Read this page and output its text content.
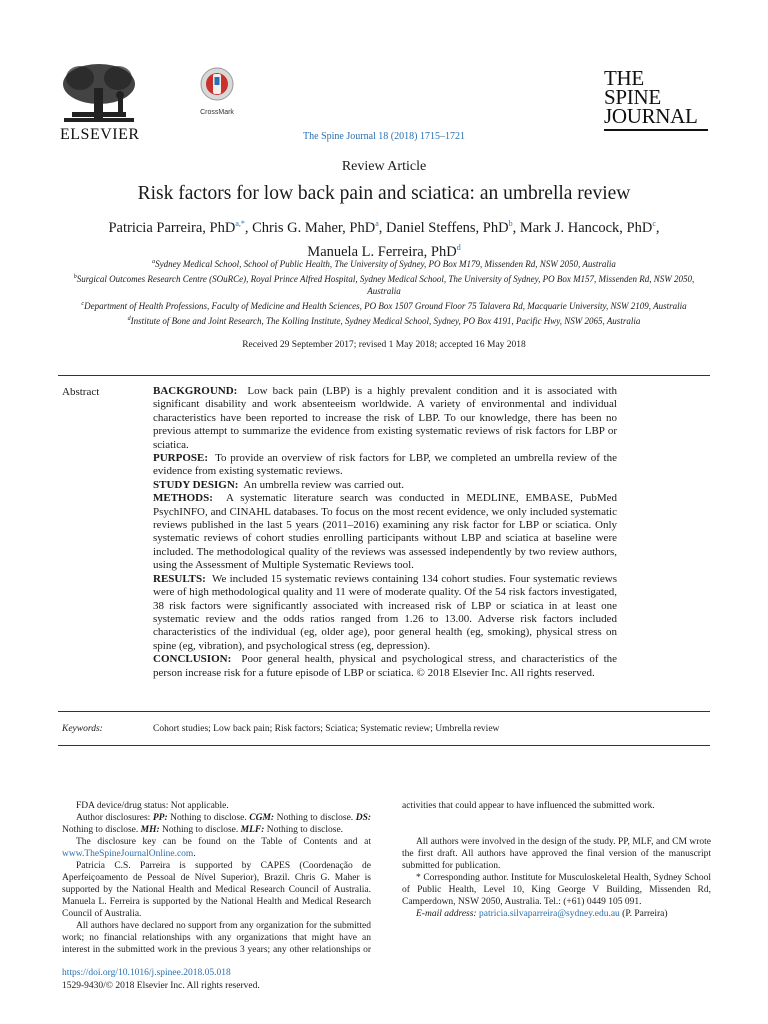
ELSEVIER
CrossMark
The Spine Journal 18 (2018) 1715–1721
THE
SPINE
JOURNAL
Review Article
Risk factors for low back pain and sciatica: an umbrella review
Patricia Parreira, PhD$^{a,*}$, Chris G. Maher, PhD$^a$, Daniel Steffens, PhD$^b$, Mark J. Hancock, PhD$^c$,
Manuela L. Ferreira, PhD$^d$
$^a$Sydney Medical School, School of Public Health, The University of Sydney, PO Box M179, Missenden Rd, NSW 2050, Australia
$^b$Surgical Outcomes Research Centre (SOuRCe), Royal Prince Alfred Hospital, Sydney Medical School, The University of Sydney, PO Box M157, Missenden Rd, NSW 2050, Australia
$^c$Department of Health Professions, Faculty of Medicine and Health Sciences, PO Box 1507 Ground Floor 75 Talavera Rd, Macquarie University, NSW 2109, Australia
$^d$Institute of Bone and Joint Research, The Kolling Institute, Sydney Medical School, Sydney, PO Box 4191, Pacific Hwy, NSW 2065, Australia
Received 29 September 2017; revised 1 May 2018; accepted 16 May 2018
Abstract	BACKGROUND: Low back pain (LBP) is a highly prevalent condition and it is associated with significant disability and work absenteeism worldwide. A variety of environmental and individual characteristics have been reported to increase the risk of LBP. To our knowledge, there has been no previous attempt to summarize the evidence from existing systematic reviews of risk factors for LBP or sciatica.

PURPOSE: To provide an overview of risk factors for LBP, we completed an umbrella review of the evidence from existing systematic reviews.

STUDY DESIGN: An umbrella review was carried out.

METHODS: A systematic literature search was conducted in MEDLINE, EMBASE, PubMed PsychINFO, and CINAHL databases. To focus on the most recent evidence, we only included systematic reviews published in the last 5 years (2011–2016) examining any risk factor for LBP or sciatica. Only systematic reviews of cohort studies enrolling participants without LBP and sciatica at baseline were included. The methodological quality of the reviews was assessed independently by two review authors, using the Assessment of Multiple Systematic Reviews tool.

RESULTS: We included 15 systematic reviews containing 134 cohort studies. Four systematic reviews were of high methodological quality and 11 were of moderate quality. Of the 54 risk factors investigated, 38 risk factors were significantly associated with increased risk of LBP or sciatica in at least one systematic review and the odds ratios ranged from 1.26 to 13.00. Adverse risk factors included characteristics of the individual (eg, older age), poor general health (eg, smoking), physical stress on spine (eg, vibration), and psychological stress (eg, depression).

CONCLUSION: Poor general health, physical and psychological stress, and characteristics of the person increase risk for a future episode of LBP or sciatica. © 2018 Elsevier Inc. All rights reserved.

Keywords:	Cohort studies; Low back pain; Risk factors; Sciatica; Systematic review; Umbrella review

FDA device/drug status: Not applicable.

Author disclosures: PP: Nothing to disclose. CGM: Nothing to disclose. DS: Nothing to disclose. MH: Nothing to disclose. MLF: Nothing to disclose.

The disclosure key can be found on the Table of Contents and at www.TheSpineJournalOnline.com.

Patricia C.S. Parreira is supported by CAPES (Coordenação de Aperfeiçoamento de Pessoal de Nível Superior), Brazil. Chris G. Maher is supported by the National Health and Medical Research Council of Australia. Manuela L. Ferreira is supported by the National Health and Medical Research Council of Australia.

All authors have declared no support from any organization for the submitted work; no financial relationships with any organizations that might have an interest in the submitted work in the previous 3 years; any other relationships or

activities that could appear to have influenced the submitted work.

All authors were involved in the design of the study. PP, MLF, and CM wrote the first draft. All authors have approved the final version of the manuscript submitted for publication.

* Corresponding author. Institute for Musculoskeletal Health, Sydney School of Public Health, Level 10, King George V Building, Missenden Rd, Camperdown, NSW 2050, Australia. Tel.: (+61) 0449 105 091.

E-mail address: patricia.silvaparreira@sydney.edu.au (P. Parreira)

https://doi.org/10.1016/j.spinee.2018.05.018
1529-9430/© 2018 Elsevier Inc. All rights reserved.
